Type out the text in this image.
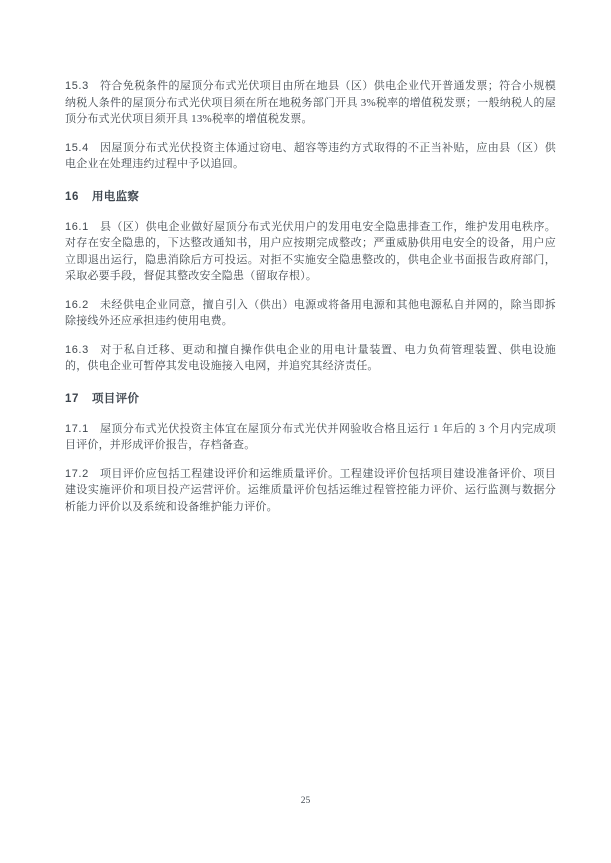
15.3 符合免税条件的屋顶分布式光伏项目由所在地县（区）供电企业代开普通发票；符合小规模纳税人条件的屋顶分布式光伏项目须在所在地税务部门开具 3%税率的增值税发票；一般纳税人的屋顶分布式光伏项目须开具 13%税率的增值税发票。

15.4 因屋顶分布式光伏投资主体通过窃电、超容等违约方式取得的不正当补贴，应由县（区）供电企业在处理违约过程中予以追回。

16 用电监察

16.1 县（区）供电企业做好屋顶分布式光伏用户的发用电安全隐患排查工作，维护发用电秩序。对存在安全隐患的，下达整改通知书，用户应按期完成整改；严重威胁供用电安全的设备，用户应立即退出运行，隐患消除后方可投运。对拒不实施安全隐患整改的，供电企业书面报告政府部门，采取必要手段，督促其整改安全隐患（留取存根）。

16.2 未经供电企业同意，擅自引入（供出）电源或将备用电源和其他电源私自并网的，除当即拆除接线外还应承担违约使用电费。

16.3 对于私自迁移、更动和擅自操作供电企业的用电计量装置、电力负荷管理装置、供电设施的，供电企业可暂停其发电设施接入电网，并追究其经济责任。

17 项目评价

17.1 屋顶分布式光伏投资主体宜在屋顶分布式光伏并网验收合格且运行 1 年后的 3 个月内完成项目评价，并形成评价报告，存档备查。

17.2 项目评价应包括工程建设评价和运维质量评价。工程建设评价包括项目建设准备评价、项目建设实施评价和项目投产运营评价。运维质量评价包括运维过程管控能力评价、运行监测与数据分析能力评价以及系统和设备维护能力评价。

25
